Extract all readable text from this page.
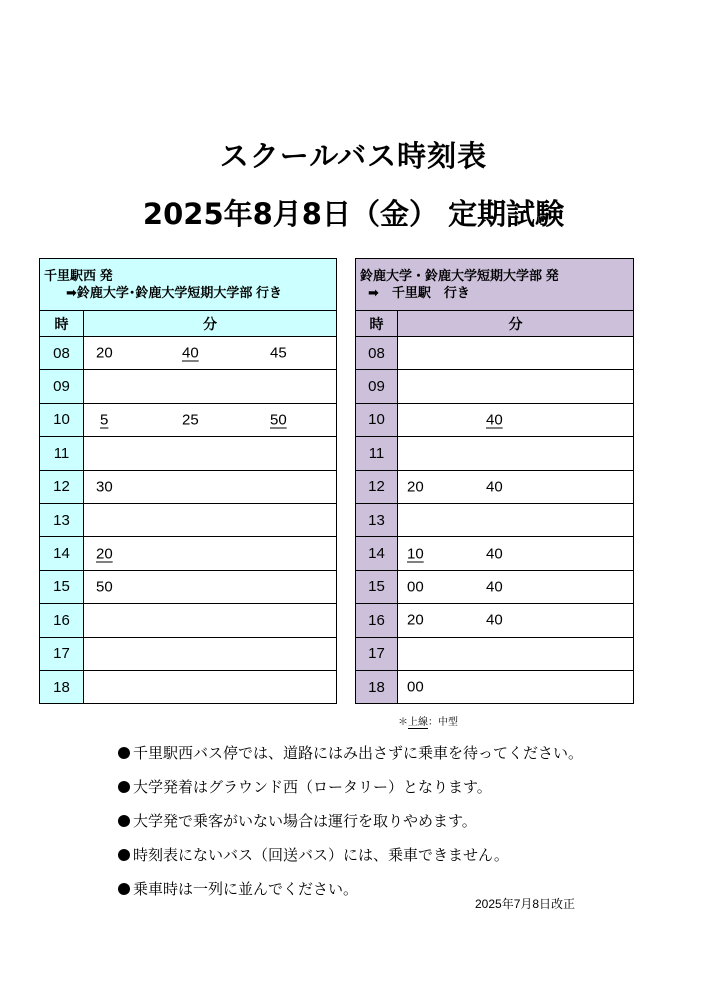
スクールバス時刻表
2025年8月8日（金） 定期試験
千里駅西 発
➡鈴鹿大学･鈴鹿大学短期大学部 行き	

時	分
08	20 40 45

09	
10	5 25 50

11	
12	30

13	
14	20

15	50

16	
17	
18	
鈴鹿大学・鈴鹿大学短期大学部 発
➡　千里駅　行き	

時	分
08	
09	
10	40

11	
12	20 40

13	
14	10 40

15	00 40

16	20 40

17	
18	00
＊上線：中型
千里駅西バス停では、道路にはみ出さずに乗車を待ってください。
大学発着はグラウンド西（ロータリー）となります。
大学発で乗客がいない場合は運行を取りやめます。
時刻表にないバス（回送バス）には、乗車できません。
乗車時は一列に並んでください。
2025年7月8日改正
